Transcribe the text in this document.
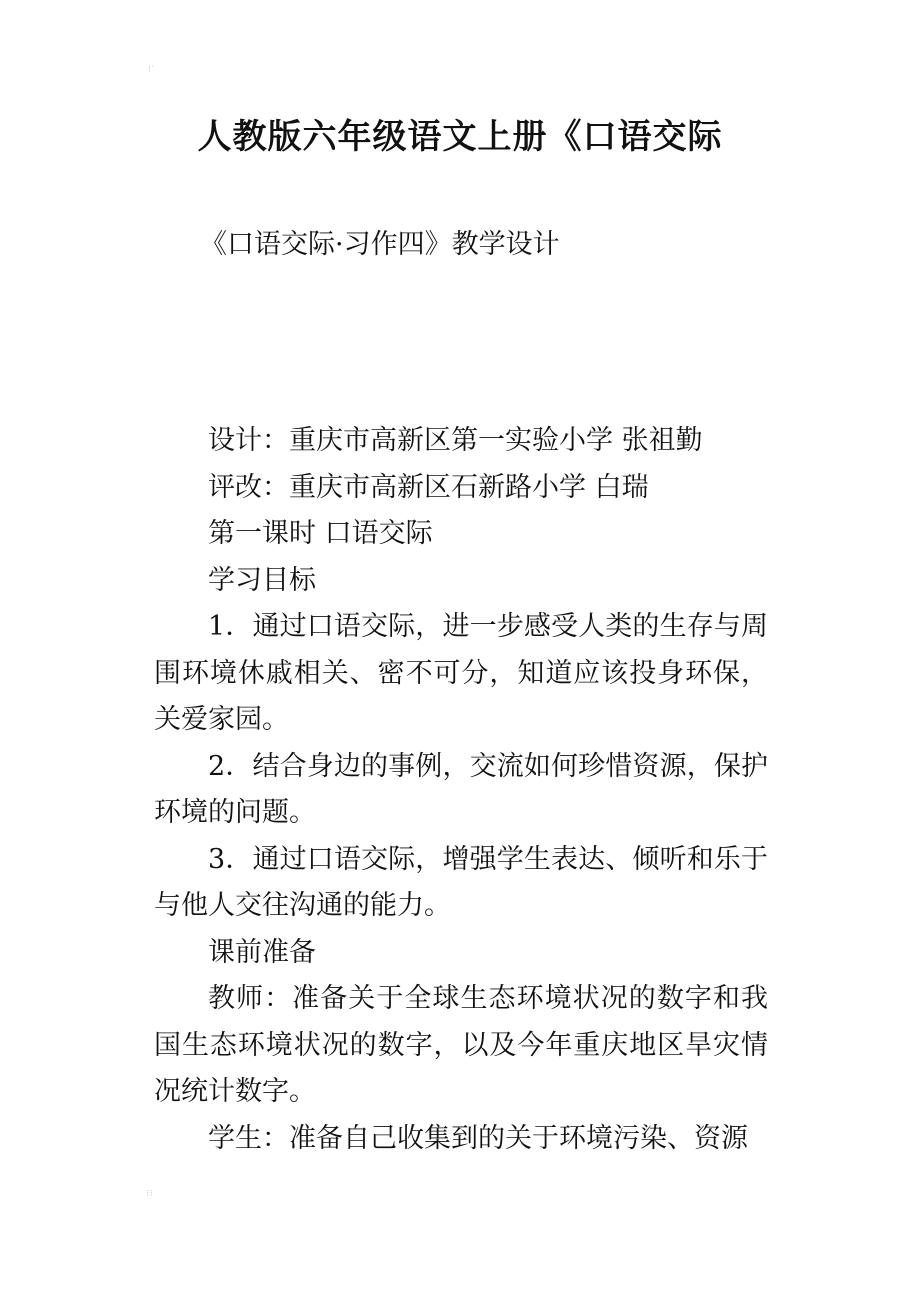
⁝ ′
人教版六年级语文上册《口语交际
《口语交际·习作四》教学设计

设计：重庆市高新区第一实验小学 张祖勤

评改：重庆市高新区石新路小学 白瑞

第一课时 口语交际

学习目标

1．通过口语交际，进一步感受人类的生存与周围环境休戚相关、密不可分，知道应该投身环保，关爱家园。

2．结合身边的事例，交流如何珍惜资源，保护环境的问题。

3．通过口语交际，增强学生表达、倾听和乐于与他人交往沟通的能力。

课前准备

教师：准备关于全球生态环境状况的数字和我国生态环境状况的数字，以及今年重庆地区旱灾情况统计数字。

学生：准备自己收集到的关于环境污染、资源

⁝ ⁝
